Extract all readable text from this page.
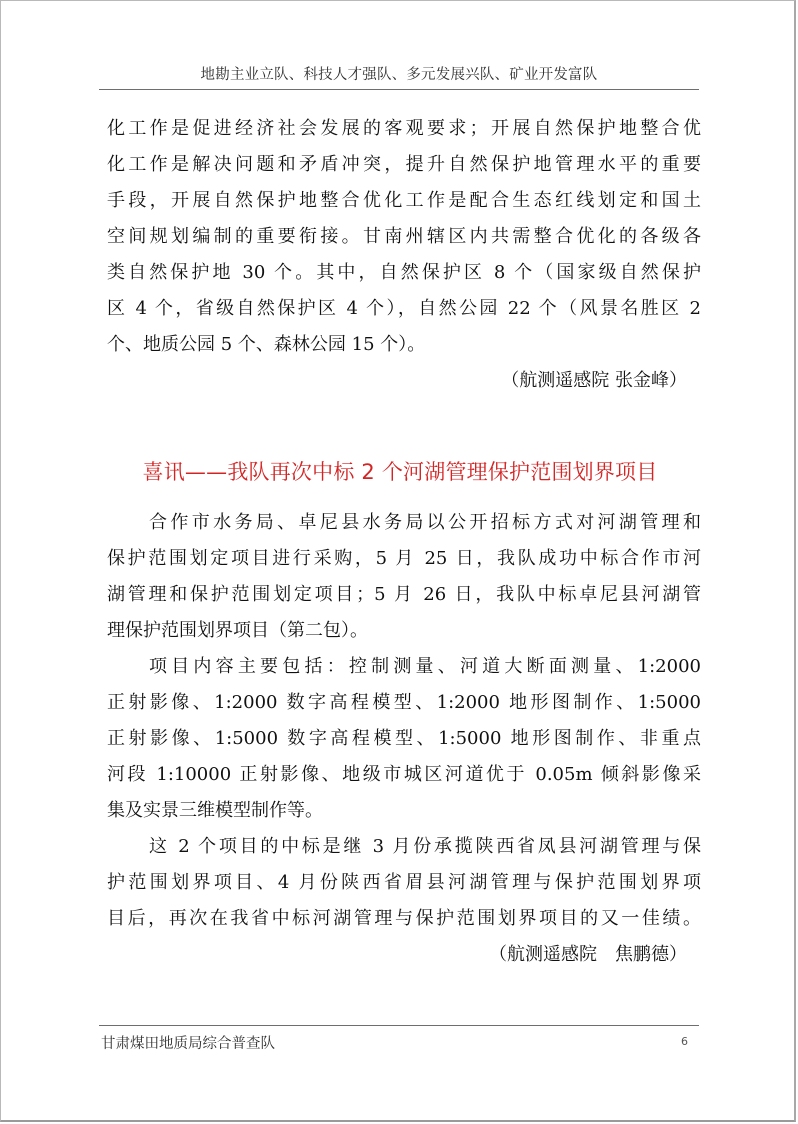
地勘主业立队、科技人才强队、多元发展兴队、矿业开发富队
化工作是促进经济社会发展的客观要求；开展自然保护地整合优
化工作是解决问题和矛盾冲突，提升自然保护地管理水平的重要
手段，开展自然保护地整合优化工作是配合生态红线划定和国土
空间规划编制的重要衔接。甘南州辖区内共需整合优化的各级各
类自然保护地 30 个。其中，自然保护区 8 个（国家级自然保护
区 4 个，省级自然保护区 4 个），自然公园 22 个（风景名胜区 2
个、地质公园 5 个、森林公园 15 个）。
（航测遥感院 张金峰）
喜讯——我队再次中标 2 个河湖管理保护范围划界项目
合作市水务局、卓尼县水务局以公开招标方式对河湖管理和
保护范围划定项目进行采购，5 月 25 日，我队成功中标合作市河
湖管理和保护范围划定项目；5 月 26 日，我队中标卓尼县河湖管
理保护范围划界项目（第二包）。
项目内容主要包括：控制测量、河道大断面测量、1:2000
正射影像、1:2000 数字高程模型、1:2000 地形图制作、1:5000
正射影像、1:5000 数字高程模型、1:5000 地形图制作、非重点
河段 1:10000 正射影像、地级市城区河道优于 0.05m 倾斜影像采
集及实景三维模型制作等。
这 2 个项目的中标是继 3 月份承揽陕西省凤县河湖管理与保
护范围划界项目、4 月份陕西省眉县河湖管理与保护范围划界项
目后，再次在我省中标河湖管理与保护范围划界项目的又一佳绩。
（航测遥感院　焦鹏德）
甘肃煤田地质局综合普查队	6
